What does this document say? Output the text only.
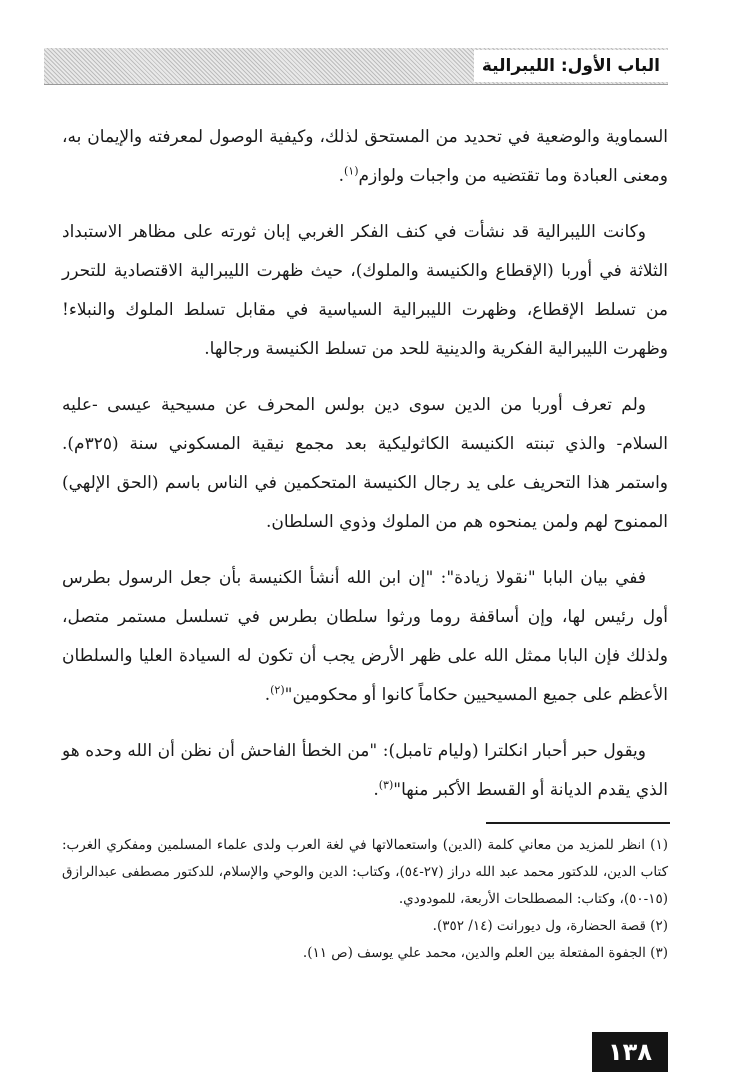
الباب الأول: الليبرالية

السماوية والوضعية في تحديد من المستحق لذلك، وكيفية الوصول لمعرفته والإيمان به، ومعنى العبادة وما تقتضيه من واجبات ولوازم$^{(١)}$.

وكانت الليبرالية قد نشأت في كنف الفكر الغربي إبان ثورته على مظاهر الاستبداد الثلاثة في أوربا (الإقطاع والكنيسة والملوك)، حيث ظهرت الليبرالية الاقتصادية للتحرر من تسلط الإقطاع، وظهرت الليبرالية السياسية في مقابل تسلط الملوك والنبلاء! وظهرت الليبرالية الفكرية والدينية للحد من تسلط الكنيسة ورجالها.

ولم تعرف أوربا من الدين سوى دين بولس المحرف عن مسيحية عيسى -عليه السلام- والذي تبنته الكنيسة الكاثوليكية بعد مجمع نيقية المسكوني سنة (٣٢٥م). واستمر هذا التحريف على يد رجال الكنيسة المتحكمين في الناس باسم (الحق الإلهي) الممنوح لهم ولمن يمنحوه هم من الملوك وذوي السلطان.

ففي بيان البابا "نقولا زيادة": "إن ابن الله أنشأ الكنيسة بأن جعل الرسول بطرس أول رئيس لها، وإن أساقفة روما ورثوا سلطان بطرس في تسلسل مستمر متصل، ولذلك فإن البابا ممثل الله على ظهر الأرض يجب أن تكون له السيادة العليا والسلطان الأعظم على جميع المسيحيين حكاماً كانوا أو محكومين"$^{(٢)}$.

ويقول حبر أحبار انكلترا (وليام تامبل): "من الخطأ الفاحش أن نظن أن الله وحده هو الذي يقدم الديانة أو القسط الأكبر منها"$^{(٣)}$.

(١) انظر للمزيد من معاني كلمة (الدين) واستعمالاتها في لغة العرب ولدى علماء المسلمين ومفكري الغرب: كتاب الدين، للدكتور محمد عبد الله دراز (٢٧-٥٤)، وكتاب: الدين والوحي والإسلام، للدكتور مصطفى عبدالرازق (١٥-٥٠)، وكتاب: المصطلحات الأربعة، للمودودي.

(٢) قصة الحضارة، ول ديورانت (١٤/ ٣٥٢).

(٣) الجفوة المفتعلة بين العلم والدين، محمد علي يوسف (ص ١١).

١٣٨
